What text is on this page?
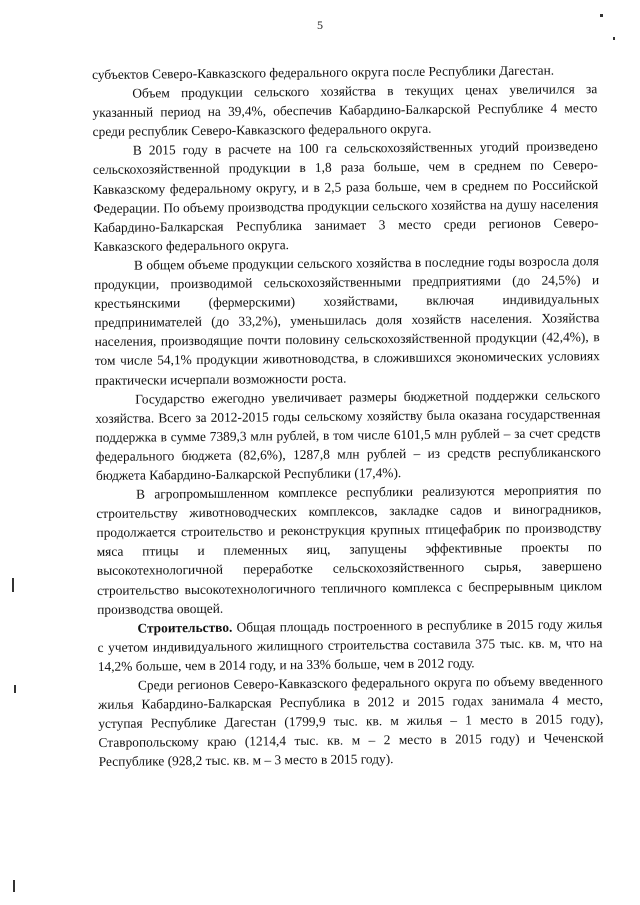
5

субъектов Северо-Кавказского федерального округа после Республики Дагестан.

Объем продукции сельского хозяйства в текущих ценах увеличился за указанный период на 39,4%, обеспечив Кабардино-Балкарской Республике 4 место среди республик Северо-Кавказского федерального округа.

В 2015 году в расчете на 100 га сельскохозяйственных угодий произведено сельскохозяйственной продукции в 1,8 раза больше, чем в среднем по Северо-Кавказскому федеральному округу, и в 2,5 раза больше, чем в среднем по Российской Федерации. По объему производства продукции сельского хозяйства на душу населения Кабардино-Балкарская Республика занимает 3 место среди регионов Северо-Кавказского федерального округа.

В общем объеме продукции сельского хозяйства в последние годы возросла доля продукции, производимой сельскохозяйственными предприятиями (до 24,5%) и крестьянскими (фермерскими) хозяйствами, включая индивидуальных предпринимателей (до 33,2%), уменьшилась доля хозяйств населения. Хозяйства населения, производящие почти половину сельскохозяйственной продукции (42,4%), в том числе 54,1% продукции животноводства, в сложившихся экономических условиях практически исчерпали возможности роста.

Государство ежегодно увеличивает размеры бюджетной поддержки сельского хозяйства. Всего за 2012-2015 годы сельскому хозяйству была оказана государственная поддержка в сумме 7389,3 млн рублей, в том числе 6101,5 млн рублей – за счет средств федерального бюджета (82,6%), 1287,8 млн рублей – из средств республиканского бюджета Кабардино-Балкарской Республики (17,4%).

В агропромышленном комплексе республики реализуются мероприятия по строительству животноводческих комплексов, закладке садов и виноградников, продолжается строительство и реконструкция крупных птицефабрик по производству мяса птицы и племенных яиц, запущены эффективные проекты по высокотехнологичной переработке сельскохозяйственного сырья, завершено строительство высокотехнологичного тепличного комплекса с беспрерывным циклом производства овощей.

Строительство. Общая площадь построенного в республике в 2015 году жилья с учетом индивидуального жилищного строительства составила 375 тыс. кв. м, что на 14,2% больше, чем в 2014 году, и на 33% больше, чем в 2012 году.

Среди регионов Северо-Кавказского федерального округа по объему введенного жилья Кабардино-Балкарская Республика в 2012 и 2015 годах занимала 4 место, уступая Республике Дагестан (1799,9 тыс. кв. м жилья – 1 место в 2015 году), Ставропольскому краю (1214,4 тыс. кв. м – 2 место в 2015 году) и Чеченской Республике (928,2 тыс. кв. м – 3 место в 2015 году).
